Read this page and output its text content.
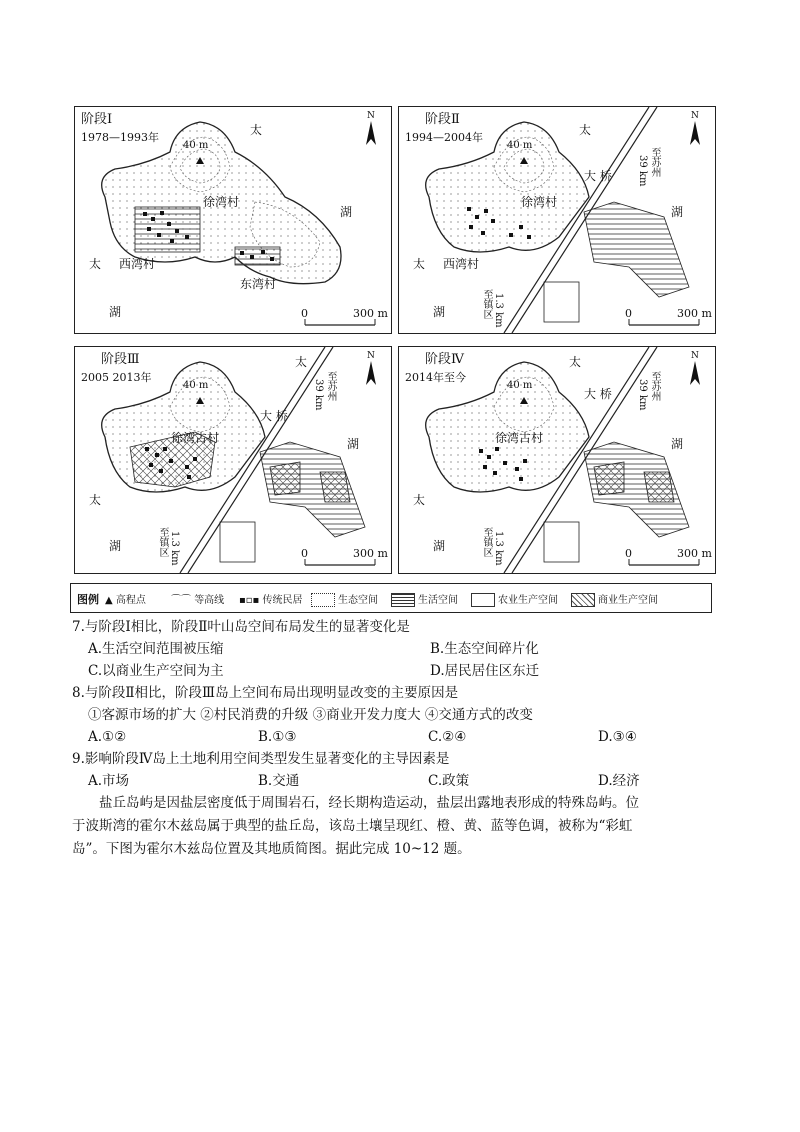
阶段Ⅰ
1978—1993年
40 m
N
太
湖
太
湖
徐湾村
西湾村
东湾村
0	300 m
阶段Ⅱ
1994—2004年
40 m
N
太
湖
太
湖
徐湾村
西湾村
大 桥	至苏州
39 km
至镇区 1.3 km	0	300 m
阶段Ⅲ
2005 2013年
40 m
N
太
湖
太
湖
徐湾古村
大 桥
至苏州
39 km
至镇区 1.3 km	0	300 m
阶段Ⅳ
2014年至今
40 m
N
太
湖
太
湖
徐湾古村
大 桥	至苏州
39 km
至镇区 1.3 km	0	300 m
图例 ▲ 高程点	⌒⌒ 等高线 ▪▫▪ 传统民居	生态空间	生活空间	农业生产空间	商业生产空间
7.与阶段Ⅰ相比，阶段Ⅱ叶山岛空间布局发生的显著变化是
A.生活空间范围被压缩	B.生态空间碎片化
C.以商业生产空间为主	D.居民居住区东迁
8.与阶段Ⅱ相比，阶段Ⅲ岛上空间布局出现明显改变的主要原因是
①客源市场的扩大 ②村民消费的升级 ③商业开发力度大 ④交通方式的改变
A.①②	B.①③	C.②④	D.③④
9.影响阶段Ⅳ岛上土地利用空间类型发生显著变化的主导因素是
A.市场	B.交通	C.政策	D.经济
盐丘岛屿是因盐层密度低于周围岩石，经长期构造运动，盐层出露地表形成的特殊岛屿。位
于波斯湾的霍尔木兹岛属于典型的盐丘岛，该岛土壤呈现红、橙、黄、蓝等色调，被称为“彩虹
岛”。下图为霍尔木兹岛位置及其地质简图。据此完成 10~12 题。
